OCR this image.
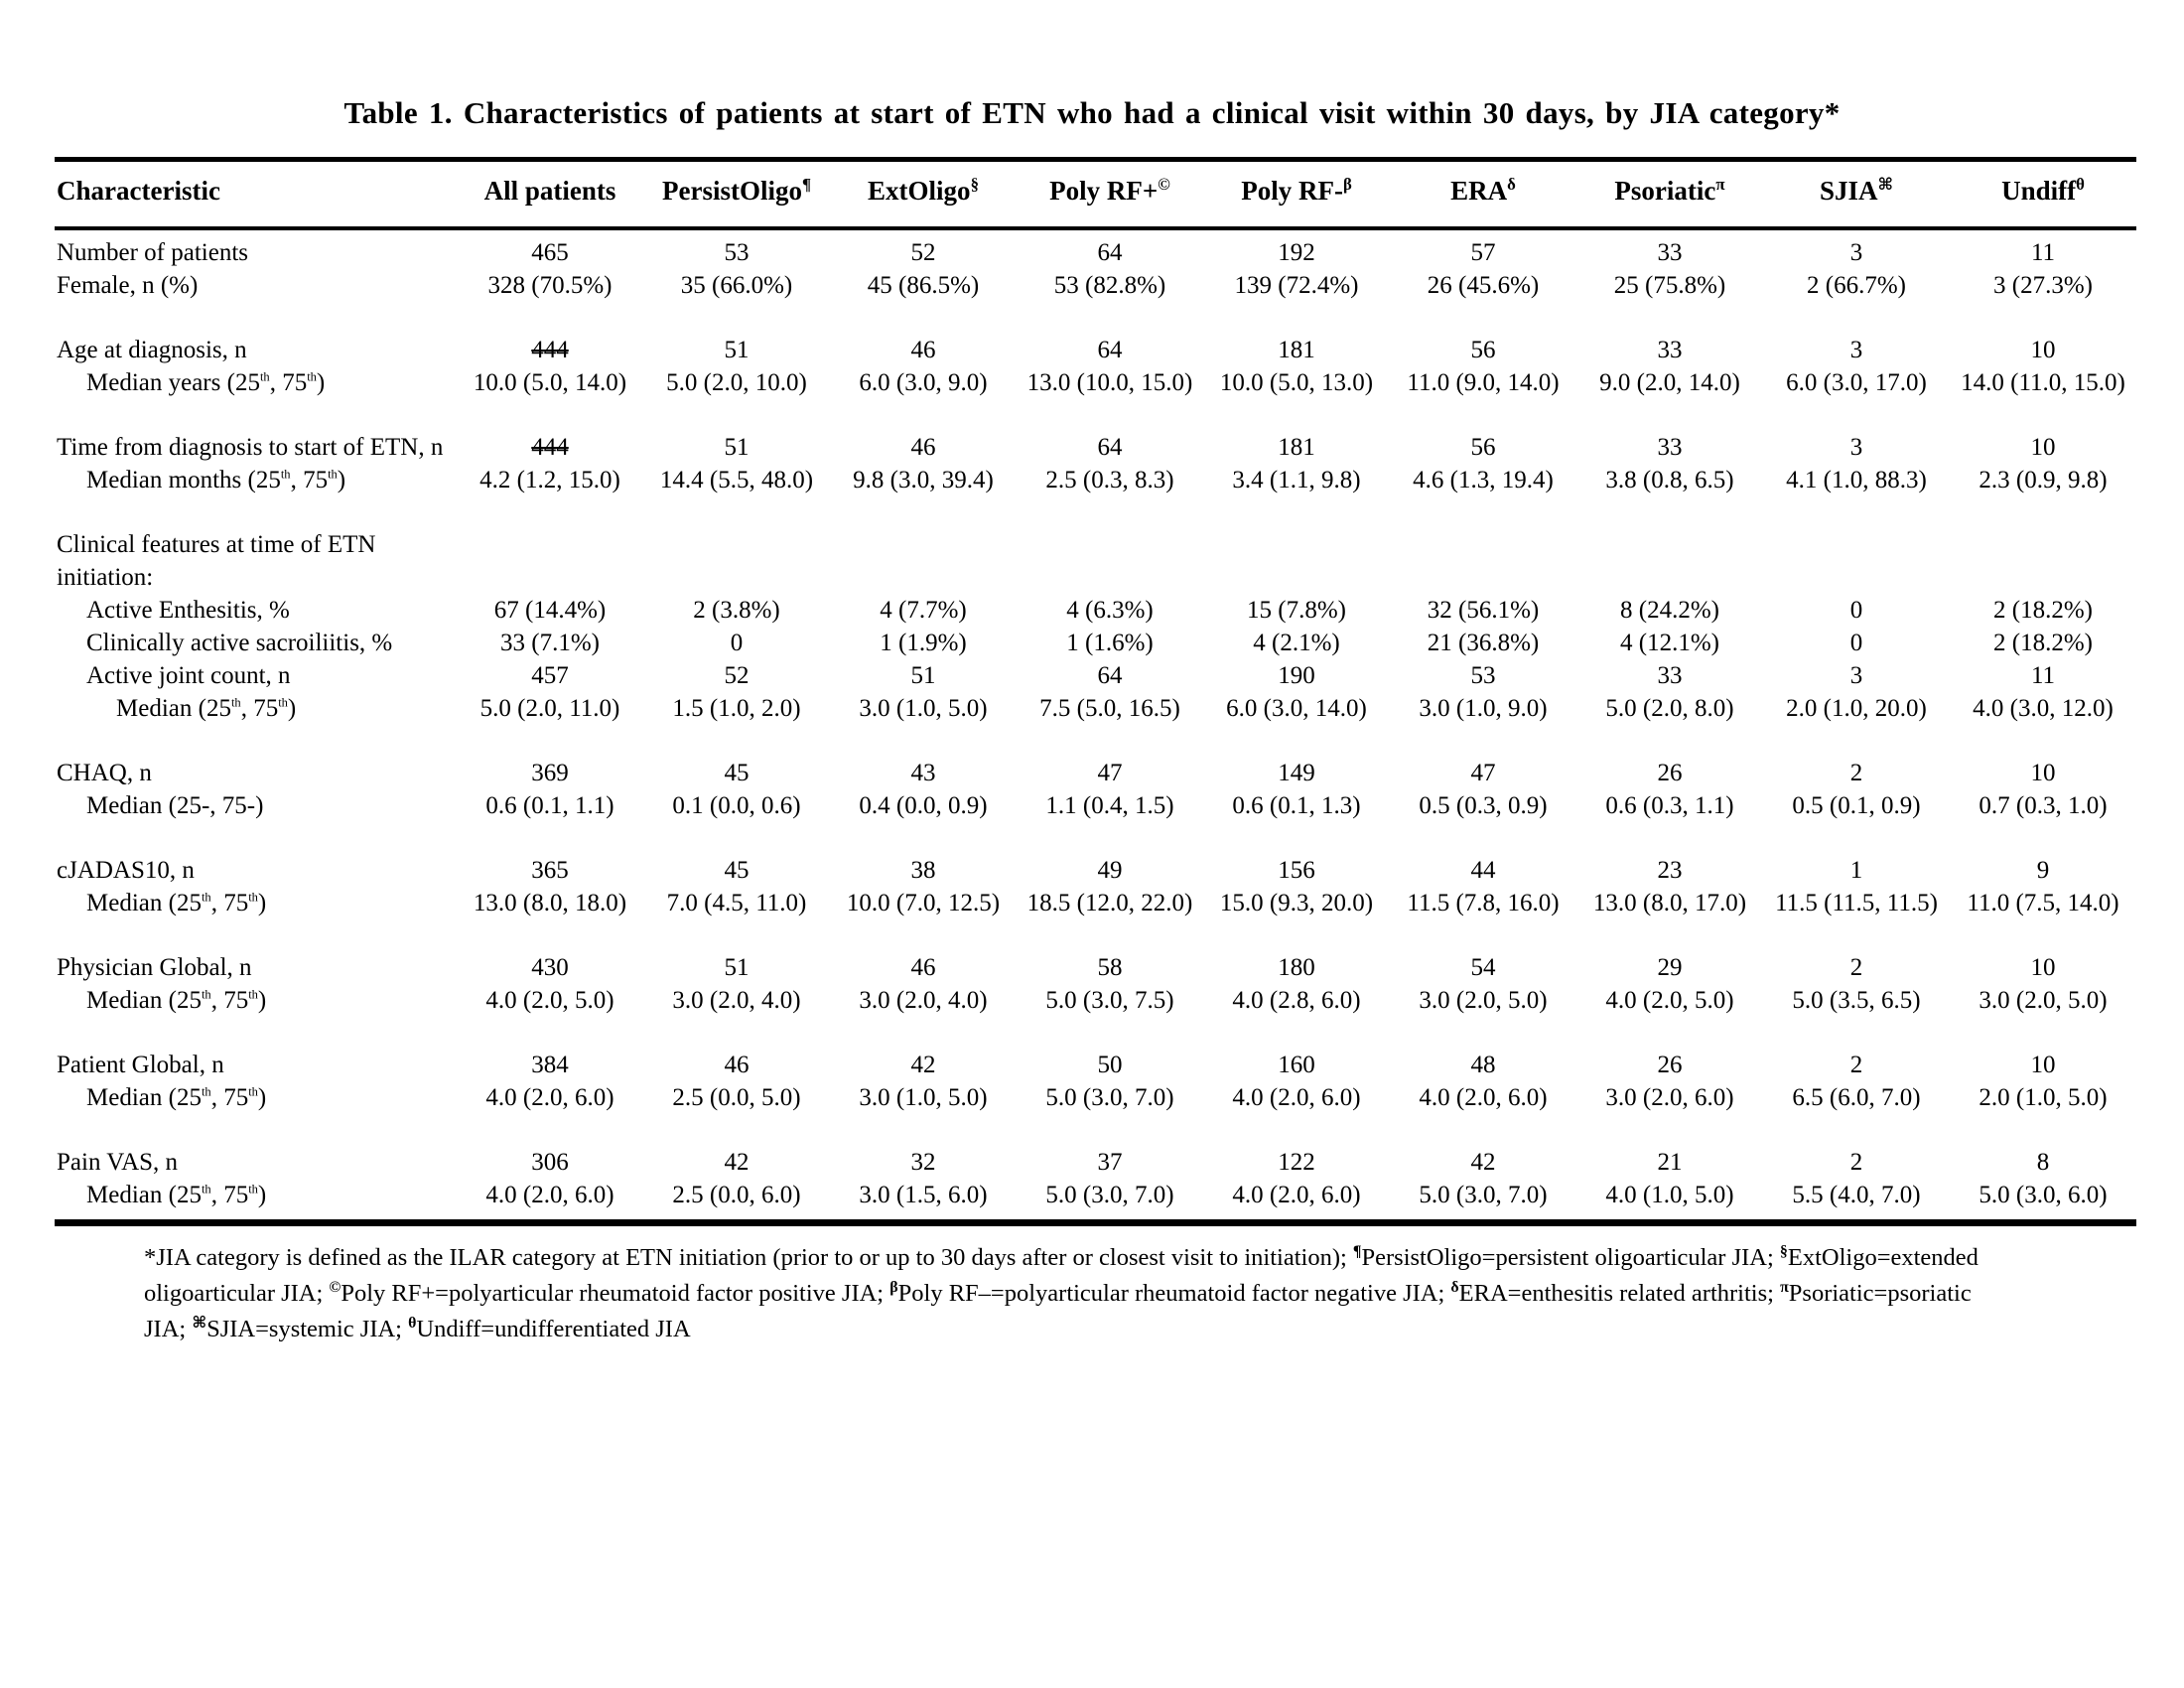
Table 1. Characteristics of patients at start of ETN who had a clinical visit within 30 days, by JIA category*
Characteristic	All patients	PersistOligo¶	ExtOligo§	Poly RF+©	Poly RF-$^\beta$	$ERA^\delta$	Psoriatic$^\pi$	SJIA⌘	Undiff$^\theta$
Number of patients	465	53	52	64	192	57	33	3	11
Female, n (%)	328 (70.5%)	35 (66.0%)	45 (86.5%)	53 (82.8%)	139 (72.4%)	26 (45.6%)	25 (75.8%)	2 (66.7%)	3 (27.3%)
Age at diagnosis, n	444	51	46	64	181	56	33	3	10
Median years (25th, 75th)	10.0 (5.0, 14.0)	5.0 (2.0, 10.0)	6.0 (3.0, 9.0)	13.0 (10.0, 15.0)	10.0 (5.0, 13.0)	11.0 (9.0, 14.0)	9.0 (2.0, 14.0)	6.0 (3.0, 17.0)	14.0 (11.0, 15.0)
Time from diagnosis to start of ETN, n	444	51	46	64	181	56	33	3	10
Median months (25th, 75th)	4.2 (1.2, 15.0)	14.4 (5.5, 48.0)	9.8 (3.0, 39.4)	2.5 (0.3, 8.3)	3.4 (1.1, 9.8)	4.6 (1.3, 19.4)	3.8 (0.8, 6.5)	4.1 (1.0, 88.3)	2.3 (0.9, 9.8)
Clinical features at time of ETN initiation:									
Active Enthesitis, %	67 (14.4%)	2 (3.8%)	4 (7.7%)	4 (6.3%)	15 (7.8%)	32 (56.1%)	8 (24.2%)	0	2 (18.2%)
Clinically active sacroiliitis, %	33 (7.1%)	0	1 (1.9%)	1 (1.6%)	4 (2.1%)	21 (36.8%)	4 (12.1%)	0	2 (18.2%)
Active joint count, n	457	52	51	64	190	53	33	3	11
Median (25th, 75th)	5.0 (2.0, 11.0)	1.5 (1.0, 2.0)	3.0 (1.0, 5.0)	7.5 (5.0, 16.5)	6.0 (3.0, 14.0)	3.0 (1.0, 9.0)	5.0 (2.0, 8.0)	2.0 (1.0, 20.0)	4.0 (3.0, 12.0)
CHAQ, n	369	45	43	47	149	47	26	2	10
Median (25-, 75-)	0.6 (0.1, 1.1)	0.1 (0.0, 0.6)	0.4 (0.0, 0.9)	1.1 (0.4, 1.5)	0.6 (0.1, 1.3)	0.5 (0.3, 0.9)	0.6 (0.3, 1.1)	0.5 (0.1, 0.9)	0.7 (0.3, 1.0)
cJADAS10, n	365	45	38	49	156	44	23	1	9
Median (25th, 75th)	13.0 (8.0, 18.0)	7.0 (4.5, 11.0)	10.0 (7.0, 12.5)	18.5 (12.0, 22.0)	15.0 (9.3, 20.0)	11.5 (7.8, 16.0)	13.0 (8.0, 17.0)	11.5 (11.5, 11.5)	11.0 (7.5, 14.0)
Physician Global, n	430	51	46	58	180	54	29	2	10
Median (25th, 75th)	4.0 (2.0, 5.0)	3.0 (2.0, 4.0)	3.0 (2.0, 4.0)	5.0 (3.0, 7.5)	4.0 (2.8, 6.0)	3.0 (2.0, 5.0)	4.0 (2.0, 5.0)	5.0 (3.5, 6.5)	3.0 (2.0, 5.0)
Patient Global, n	384	46	42	50	160	48	26	2	10
Median (25th, 75th)	4.0 (2.0, 6.0)	2.5 (0.0, 5.0)	3.0 (1.0, 5.0)	5.0 (3.0, 7.0)	4.0 (2.0, 6.0)	4.0 (2.0, 6.0)	3.0 (2.0, 6.0)	6.5 (6.0, 7.0)	2.0 (1.0, 5.0)
Pain VAS, n	306	42	32	37	122	42	21	2	8
Median (25th, 75th)	4.0 (2.0, 6.0)	2.5 (0.0, 6.0)	3.0 (1.5, 6.0)	5.0 (3.0, 7.0)	4.0 (2.0, 6.0)	5.0 (3.0, 7.0)	4.0 (1.0, 5.0)	5.5 (4.0, 7.0)	5.0 (3.0, 6.0)
*JIA category is defined as the ILAR category at ETN initiation (prior to or up to 30 days after or closest visit to initiation); ¶PersistOligo=persistent oligoarticular JIA; §ExtOligo=extended oligoarticular JIA; ©Poly RF+=polyarticular rheumatoid factor positive JIA; $^\beta$Poly RF–=polyarticular rheumatoid factor negative JIA; $^\delta$ERA=enthesitis related arthritis; $^\pi$Psoriatic=psoriatic JIA; ⌘SJIA=systemic JIA; $^\theta$Undiff=undifferentiated JIA
